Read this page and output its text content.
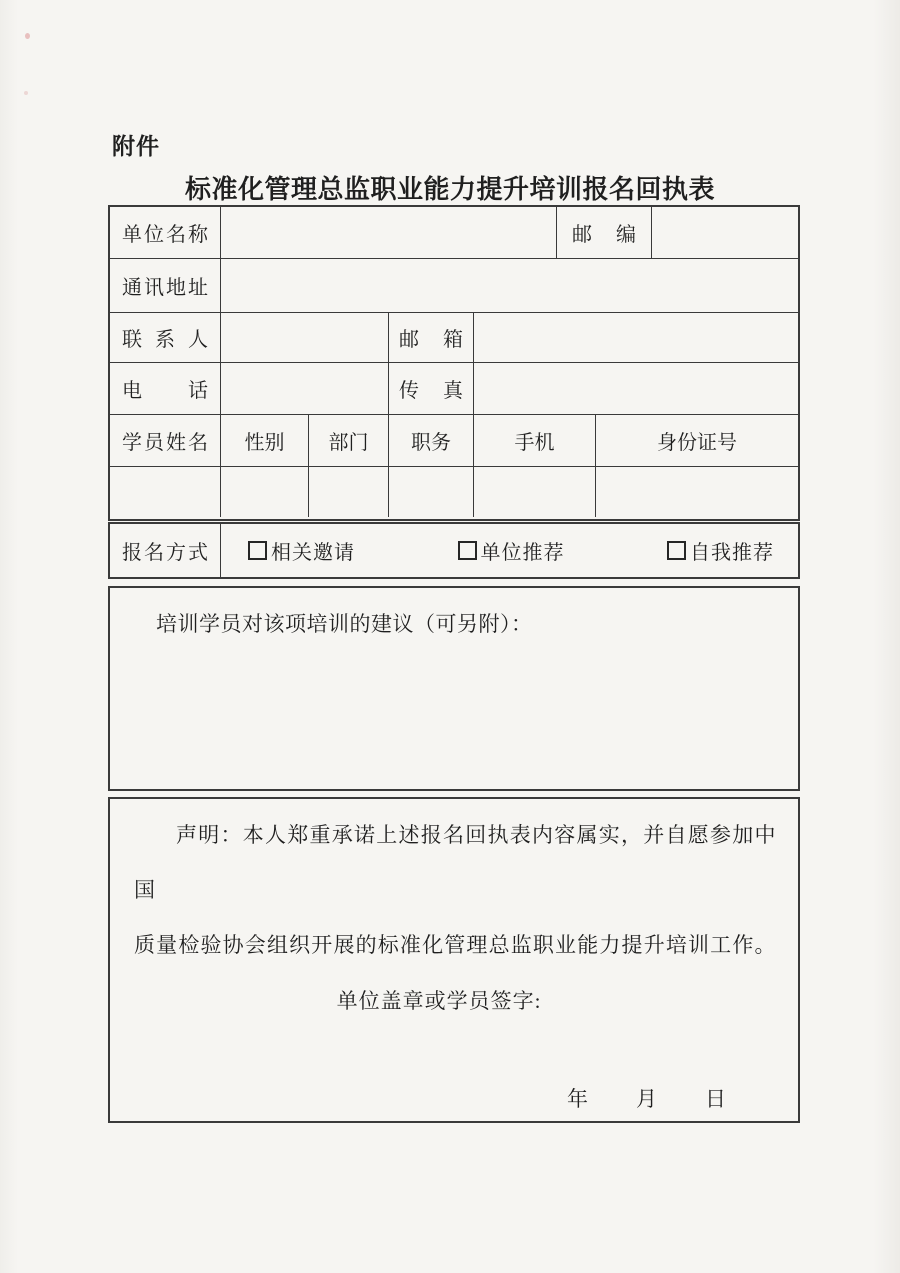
附件
标准化管理总监职业能力提升培训报名回执表
单位名称	邮编
通讯地址
联系人	邮箱
电话	传真
学员姓名 性别 部门 职务	手机	身份证号
报名方式	相关邀请	单位推荐	自我推荐
培训学员对该项培训的建议（可另附）：
声明：本人郑重承诺上述报名回执表内容属实，并自愿参加中国
质量检验协会组织开展的标准化管理总监职业能力提升培训工作。
单位盖章或学员签字:
年　　月　　日
